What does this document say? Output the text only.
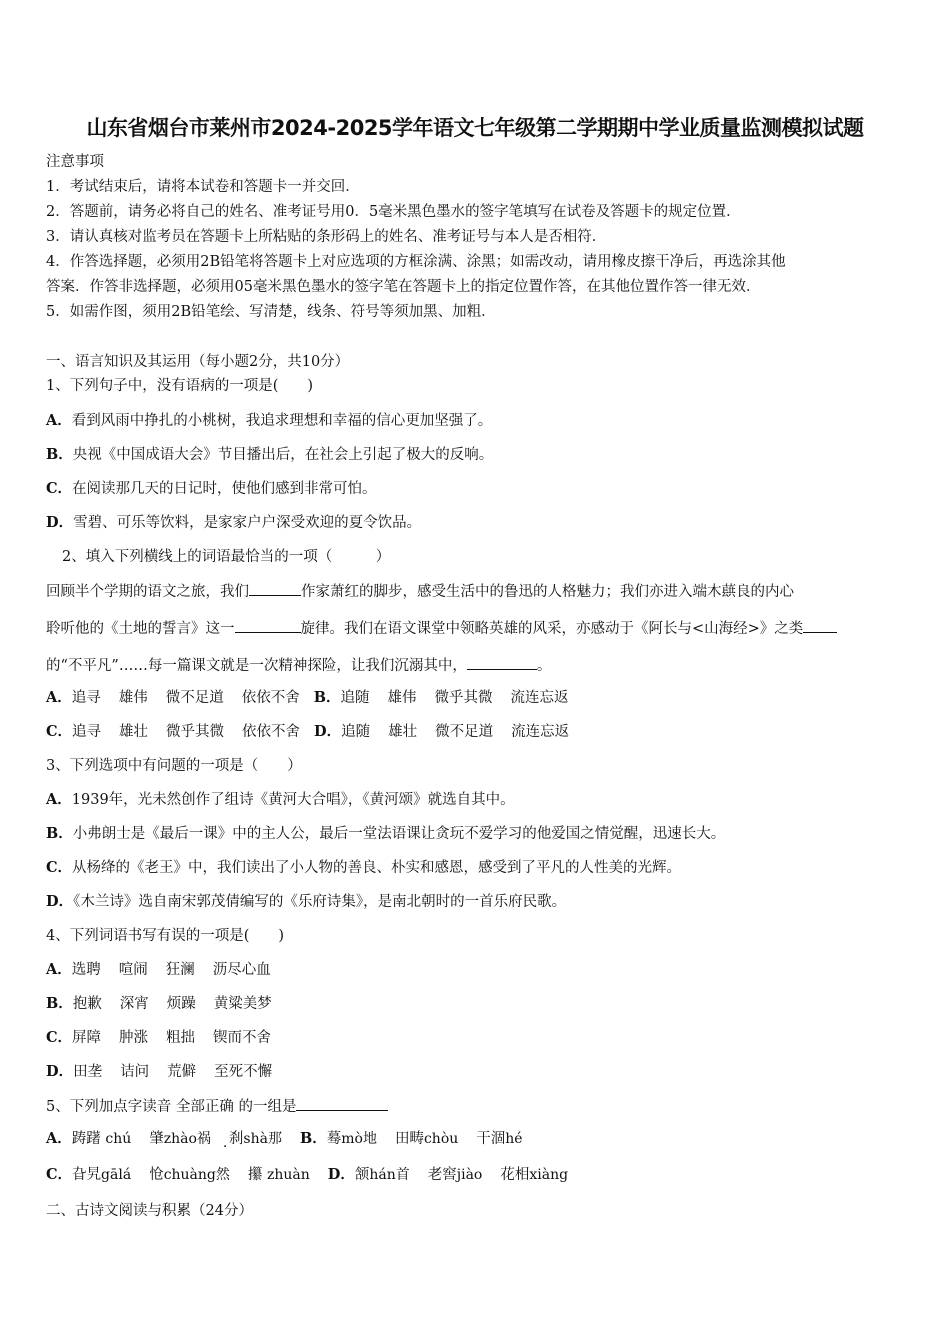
山东省烟台市莱州市2024-2025学年语文七年级第二学期期中学业质量监测模拟试题
注意事项
1．考试结束后，请将本试卷和答题卡一并交回．
2．答题前，请务必将自己的姓名、准考证号用0．5毫米黑色墨水的签字笔填写在试卷及答题卡的规定位置．
3．请认真核对监考员在答题卡上所粘贴的条形码上的姓名、准考证号与本人是否相符．
4．作答选择题，必须用2B铅笔将答题卡上对应选项的方框涂满、涂黑；如需改动，请用橡皮擦干净后，再选涂其他
答案．作答非选择题，必须用05毫米黑色墨水的签字笔在答题卡上的指定位置作答，在其他位置作答一律无效．
5．如需作图，须用2B铅笔绘、写清楚，线条、符号等须加黑、加粗．
一、语言知识及其运用（每小题2分，共10分）
1、下列句子中，没有语病的一项是(　　)
A．看到风雨中挣扎的小桃树，我追求理想和幸福的信心更加坚强了。
B．央视《中国成语大会》节目播出后，在社会上引起了极大的反响。
C．在阅读那几天的日记时，使他们感到非常可怕。
D．雪碧、可乐等饮料，是家家户户深受欢迎的夏令饮品。
2、填入下列横线上的词语最恰当的一项（　　　）
回顾半个学期的语文之旅，我们	作家萧红的脚步，感受生活中的鲁迅的人格魅力；我们亦进入端木蕻良的内心
聆听他的《土地的誓言》这一	旋律。我们在语文课堂中领略英雄的风采，亦感动于《阿长与<山海经>》之类
的“不平凡”……每一篇课文就是一次精神探险，让我们沉溺其中，	。
A．追寻 雄伟 微不足道 依依不舍 B．追随 雄伟 微乎其微 流连忘返
C．追寻 雄壮 微乎其微 依依不舍 D．追随 雄壮 微不足道 流连忘返
3、下列选项中有问题的一项是（　　）
A．1939年，光未然创作了组诗《黄河大合唱》，《黄河颂》就选自其中。
B．小弗朗士是《最后一课》中的主人公，最后一堂法语课让贪玩不爱学习的他爱国之情觉醒，迅速长大。
C．从杨绛的《老王》中，我们读出了小人物的善良、朴实和感恩，感受到了平凡的人性美的光辉。
D．《木兰诗》选自南宋郭茂倩编写的《乐府诗集》，是南北朝时的一首乐府民歌。
4、下列词语书写有误的一项是(　　)
A．选聘 喧闹 狂澜 沥尽心血
B．抱歉 深宵 烦躁 黄粱美梦
C．屏障 肿涨 粗拙 锲而不舍
D．田垄 诘问 荒僻 至死不懈
5、下列加点字读音 全部正确 的一组是
A．踌躇 chú 肇zhào祸 刹 ·shà那 B．蓦mò地 田畴chòu 干涸hé
C．旮旯gālá 怆chuàng然 攥 zhuàn D．颔hán首 老窖jiào 花相xiàng
二、古诗文阅读与积累（24分）
